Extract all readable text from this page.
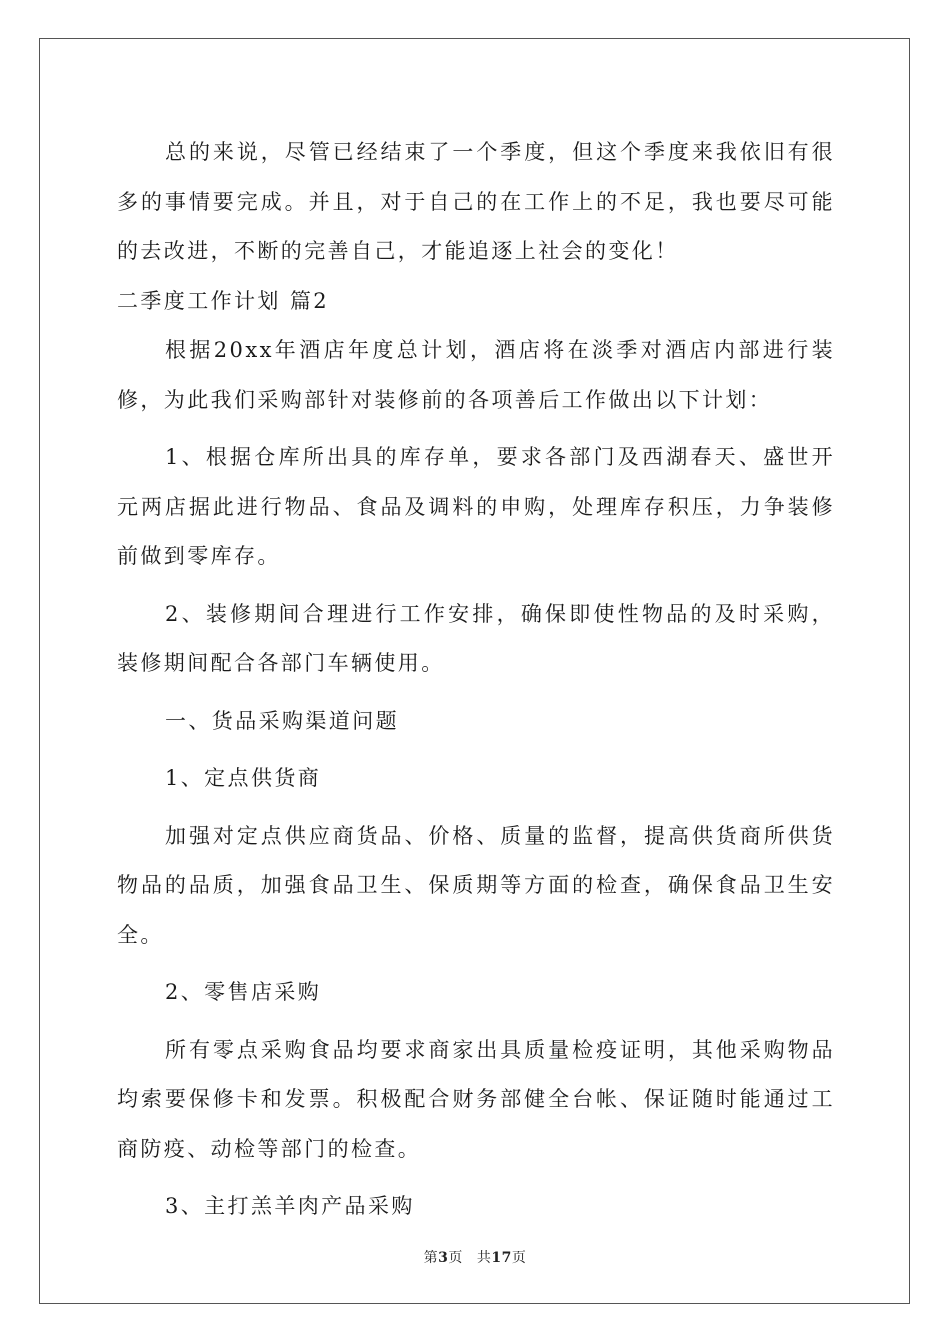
总的来说，尽管已经结束了一个季度，但这个季度来我依旧有很多的事情要完成。并且，对于自己的在工作上的不足，我也要尽可能的去改进，不断的完善自己，才能追逐上社会的变化！

二季度工作计划 篇2

根据20xx年酒店年度总计划，酒店将在淡季对酒店内部进行装修，为此我们采购部针对装修前的各项善后工作做出以下计划：

1、根据仓库所出具的库存单，要求各部门及西湖春天、盛世开元两店据此进行物品、食品及调料的申购，处理库存积压，力争装修前做到零库存。

2、装修期间合理进行工作安排，确保即使性物品的及时采购，装修期间配合各部门车辆使用。

一、货品采购渠道问题

1、定点供货商

加强对定点供应商货品、价格、质量的监督，提高供货商所供货物品的品质，加强食品卫生、保质期等方面的检查，确保食品卫生安全。

2、零售店采购

所有零点采购食品均要求商家出具质量检疫证明，其他采购物品均索要保修卡和发票。积极配合财务部健全台帐、保证随时能通过工商防疫、动检等部门的检查。

3、主打羔羊肉产品采购

第3页 共17页
